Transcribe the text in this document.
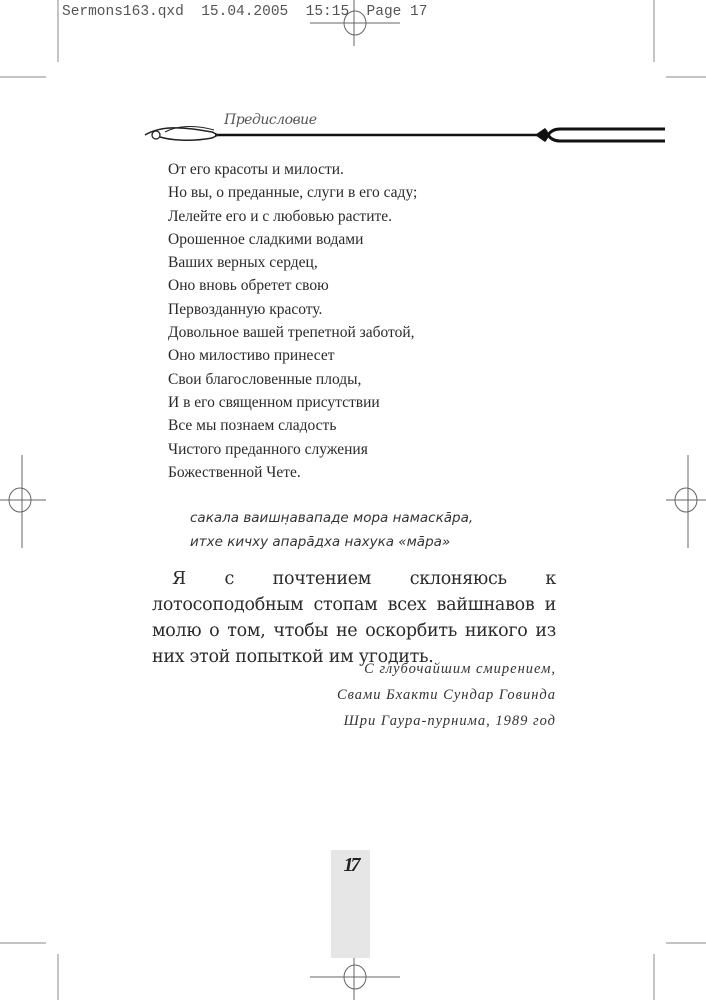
Sermons163.qxd  15.04.2005  15:15  Page 17
Предисловие
От его красоты и милости.
Но вы, о преданные, слуги в его саду;
Лелейте его и с любовью растите.
Орошенное сладкими водами
Ваших верных сердец,
Оно вновь обретет свою
Первозданную красоту.
Довольное вашей трепетной заботой,
Оно милостиво принесет
Свои благословенные плоды,
И в его священном присутствии
Все мы познаем сладость
Чистого преданного служения
Божественной Чете.
сакала ваишн̣авападе мора намаскāра,
итхе кичху апарāдха нахука «мāра»

Я с почтением склоняюсь к лотосоподобным стопам всех вайшнавов и молю о том, чтобы не оскорбить никого из них этой попыткой им угодить.

С глубочайшим смирением,
Свами Бхакти Сундар Говинда
Шри Гаура-пурнима, 1989 год
17
